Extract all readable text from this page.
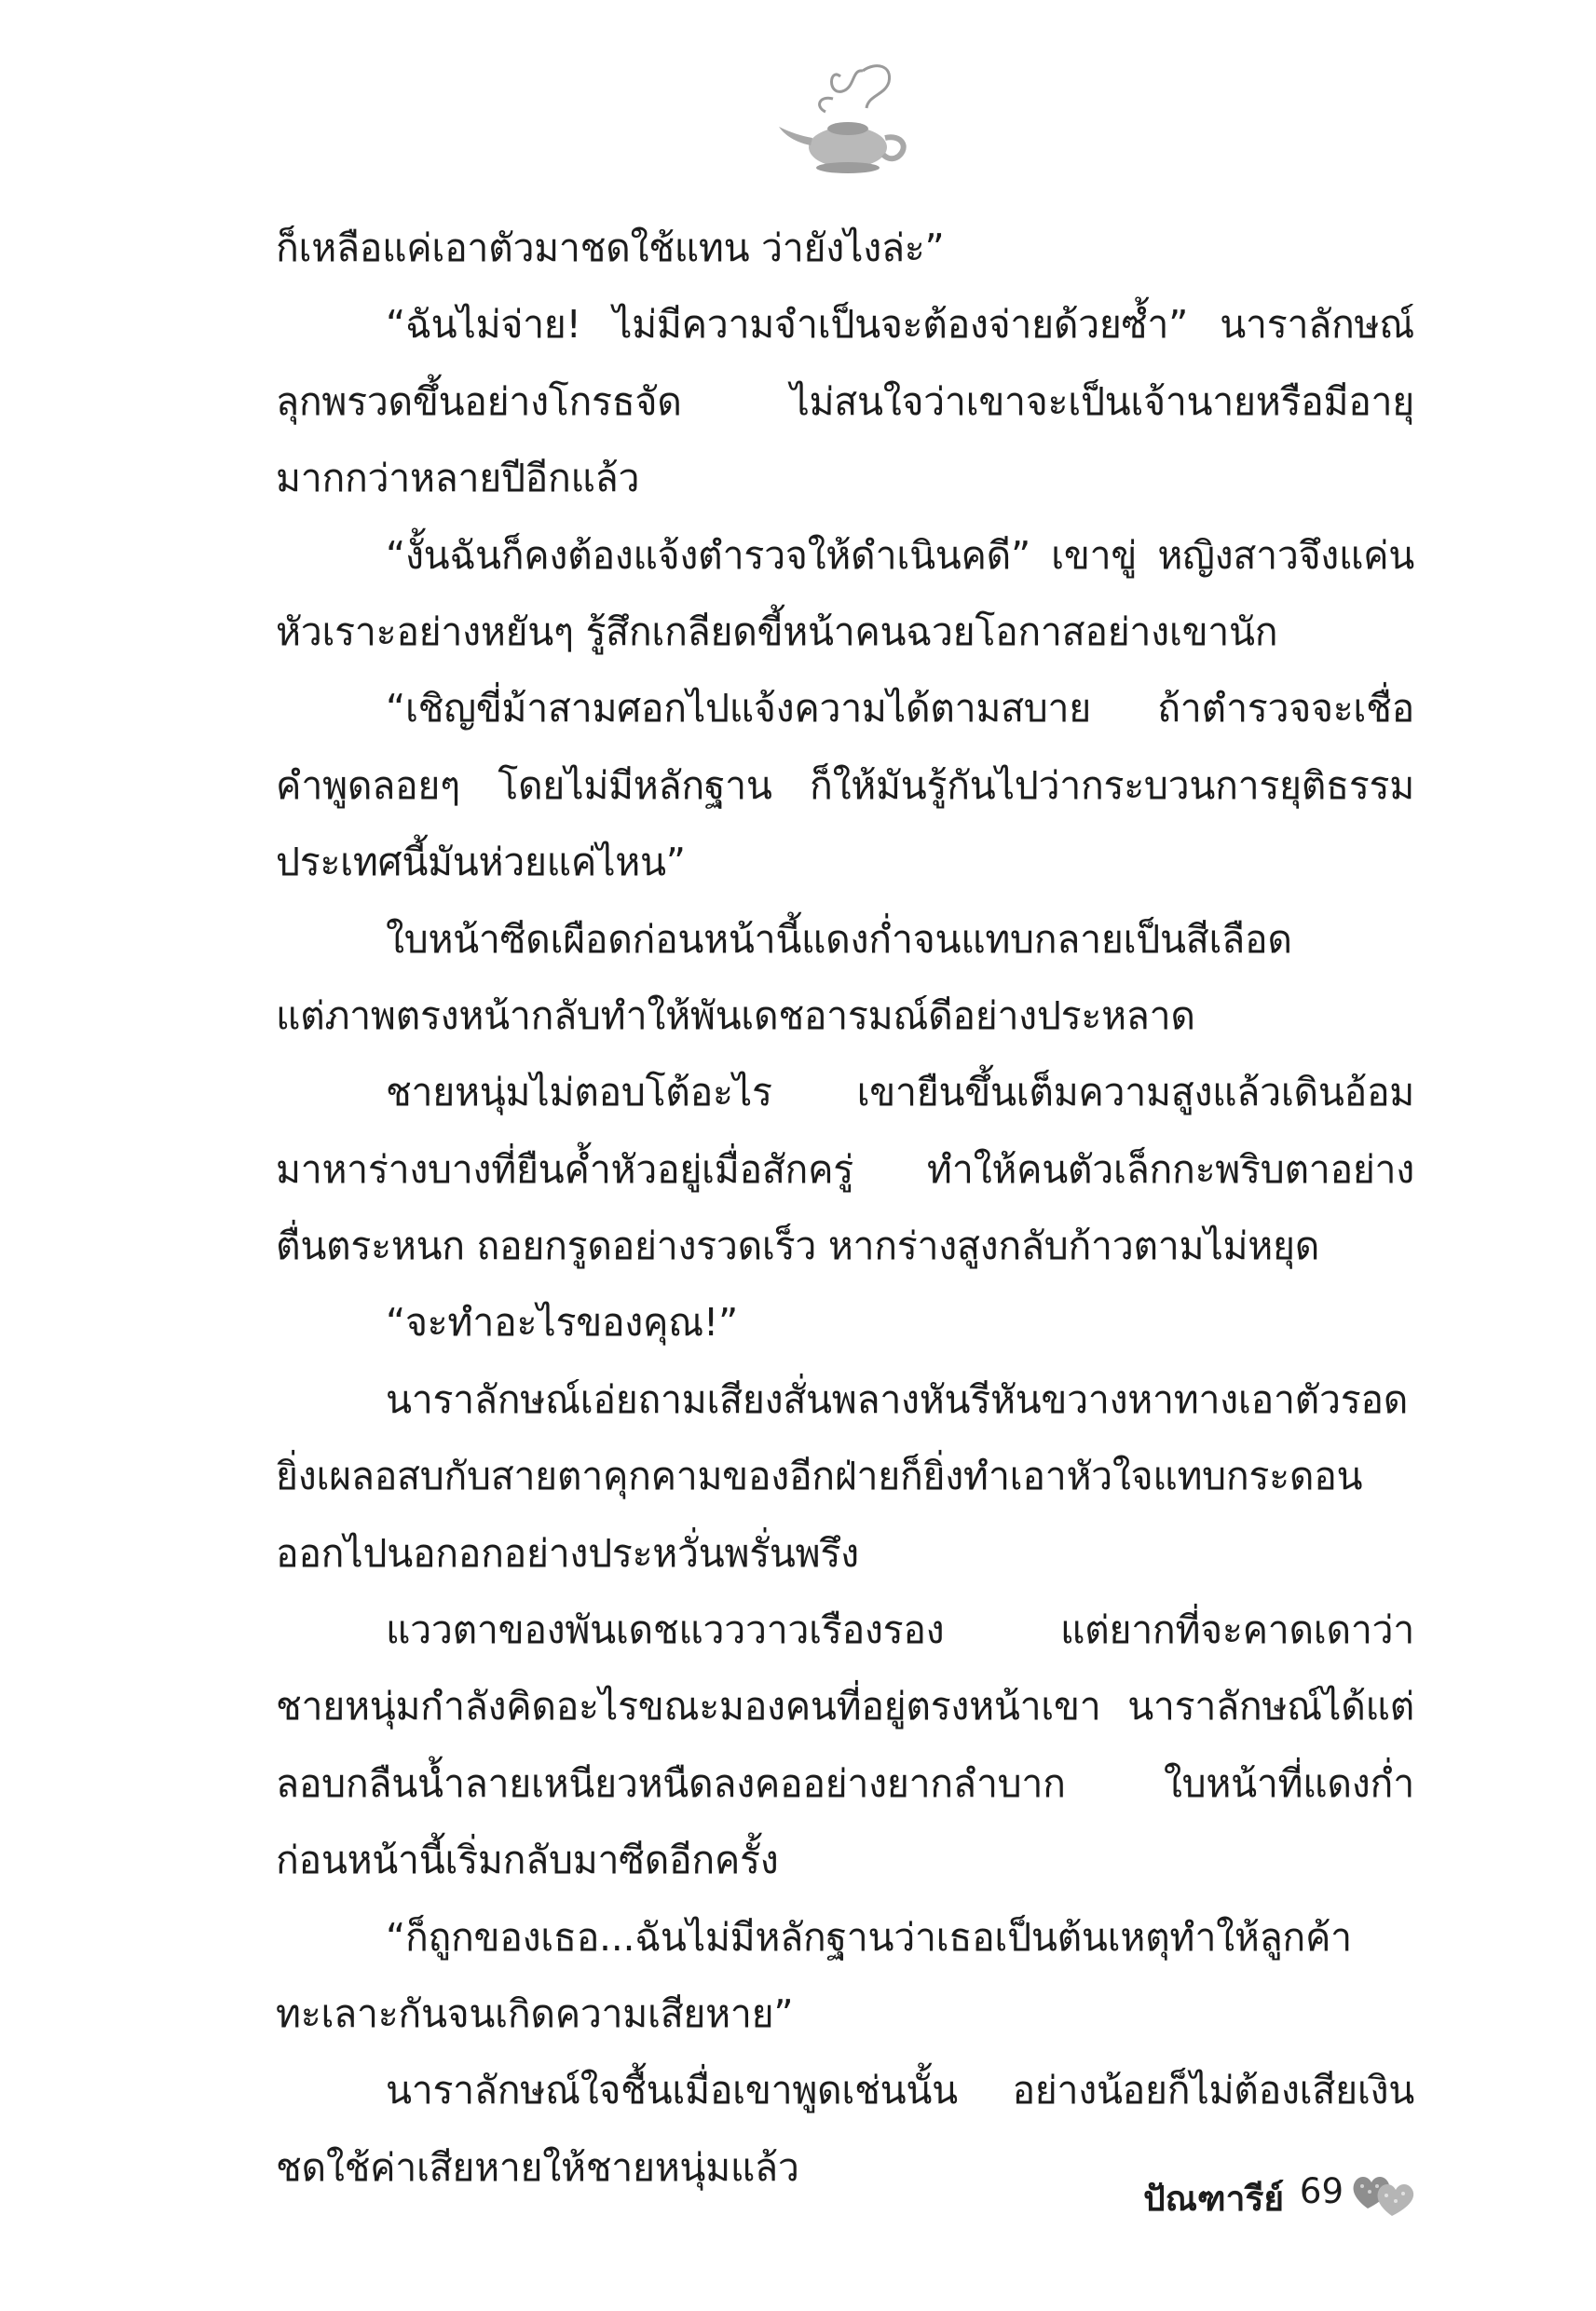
ก็เหลือแค่เอาตัวมาชดใช้แทน ว่ายังไงล่ะ”
“ฉันไม่จ่าย! ไม่มีความจำเป็นจะต้องจ่ายด้วยซ้ำ” นาราลักษณ์
ลุกพรวดขึ้นอย่างโกรธจัด ไม่สนใจว่าเขาจะเป็นเจ้านายหรือมีอายุ
มากกว่าหลายปีอีกแล้ว
“งั้นฉันก็คงต้องแจ้งตำรวจให้ดำเนินคดี” เขาขู่ หญิงสาวจึงแค่น
หัวเราะอย่างหยันๆ รู้สึกเกลียดขี้หน้าคนฉวยโอกาสอย่างเขานัก
“เชิญขี่ม้าสามศอกไปแจ้งความได้ตามสบาย ถ้าตำรวจจะเชื่อ
คำพูดลอยๆ โดยไม่มีหลักฐาน ก็ให้มันรู้กันไปว่ากระบวนการยุติธรรม
ประเทศนี้มันห่วยแค่ไหน”
ใบหน้าซีดเผือดก่อนหน้านี้แดงก่ำจนแทบกลายเป็นสีเลือด
แต่ภาพตรงหน้ากลับทำให้พันเดชอารมณ์ดีอย่างประหลาด
ชายหนุ่มไม่ตอบโต้อะไร เขายืนขึ้นเต็มความสูงแล้วเดินอ้อม
มาหาร่างบางที่ยืนค้ำหัวอยู่เมื่อสักครู่ ทำให้คนตัวเล็กกะพริบตาอย่าง
ตื่นตระหนก ถอยกรูดอย่างรวดเร็ว หากร่างสูงกลับก้าวตามไม่หยุด
“จะทำอะไรของคุณ!”
นาราลักษณ์เอ่ยถามเสียงสั่นพลางหันรีหันขวางหาทางเอาตัวรอด
ยิ่งเผลอสบกับสายตาคุกคามของอีกฝ่ายก็ยิ่งทำเอาหัวใจแทบกระดอน
ออกไปนอกอกอย่างประหวั่นพรั่นพรึง
แววตาของพันเดชแวววาวเรืองรอง แต่ยากที่จะคาดเดาว่า
ชายหนุ่มกำลังคิดอะไรขณะมองคนที่อยู่ตรงหน้าเขา นาราลักษณ์ได้แต่
ลอบกลืนน้ำลายเหนียวหนืดลงคออย่างยากลำบาก ใบหน้าที่แดงก่ำ
ก่อนหน้านี้เริ่มกลับมาซีดอีกครั้ง
“ก็ถูกของเธอ...ฉันไม่มีหลักฐานว่าเธอเป็นต้นเหตุทำให้ลูกค้า
ทะเลาะกันจนเกิดความเสียหาย”
นาราลักษณ์ใจชื้นเมื่อเขาพูดเช่นนั้น อย่างน้อยก็ไม่ต้องเสียเงิน
ชดใช้ค่าเสียหายให้ชายหนุ่มแล้ว
ปัณฑารีย์ 69
